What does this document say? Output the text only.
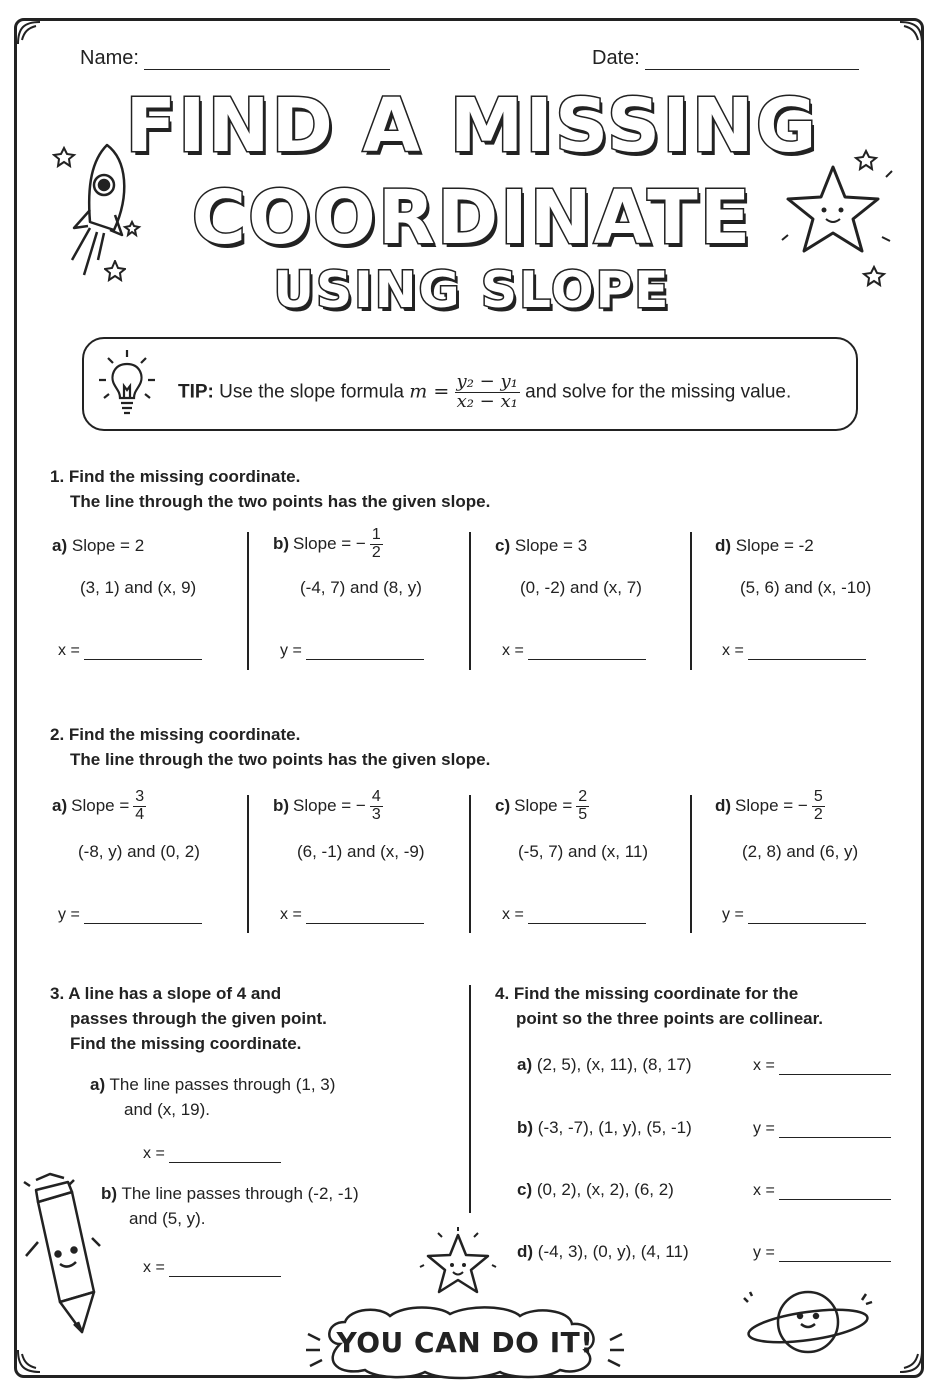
Name:	Date:
FIND A MISSING
COORDINATE
USING SLOPE
TIP: Use the slope formula $m = \frac{\text{y₂ − y₁}}{\text{x₂ − x₁}}$ and solve for the missing value.
1. Find the missing coordinate.
The line through the two points has the given slope.
a) Slope = 2
(3, 1) and (x, 9)
x =
b) Slope = − $\frac{1}{2}$
(-4, 7) and (8, y)
y =
c) Slope = 3
(0, -2) and (x, 7)
x =
d) Slope = -2
(5, 6) and (x, -10)
x =
2. Find the missing coordinate.
The line through the two points has the given slope.
a) Slope = $\frac{3}{4}$
(-8, y) and (0, 2)
y =
b) Slope = − $\frac{4}{3}$
(6, -1) and (x, -9)
x =
c) Slope = $\frac{2}{5}$
(-5, 7) and (x, 11)
x =
d) Slope = − $\frac{5}{2}$
(2, 8) and (6, y)
y =
3. A line has a slope of 4 and
passes through the given point.
Find the missing coordinate.
a) The line passes through (1, 3)
and (x, 19).
x =
b) The line passes through (-2, -1)
and (5, y).
x =
4. Find the missing coordinate for the
point so the three points are collinear.
a) (2, 5), (x, 11), (8, 17)	x =
b) (-3, -7), (1, y), (5, -1)	y =
c) (0, 2), (x, 2), (6, 2)	x =
d) (-4, 3), (0, y), (4, 11)	y =
YOU CAN DO IT!
